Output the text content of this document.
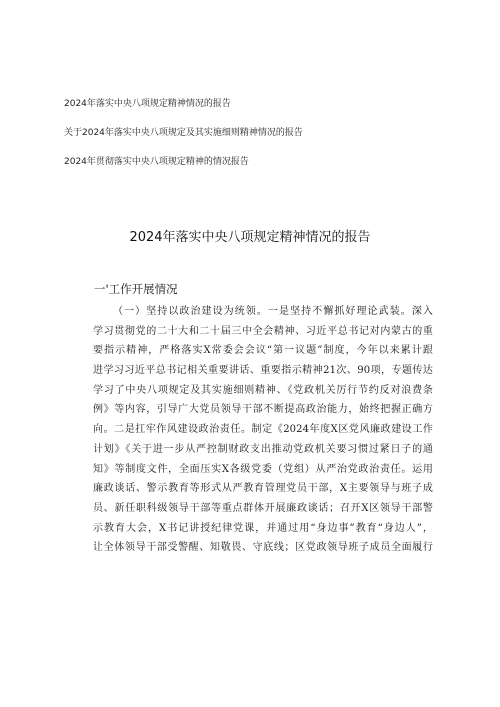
2024年落实中央八项规定精神情况的报告
关于2024年落实中央八项规定及其实施细则精神情况的报告
2024年贯彻落实中央八项规定精神的情况报告
2024年落实中央八项规定精神情况的报告
一'工作开展情况
（一）坚持以政治建设为统领。一是坚持不懈抓好理论武装。深入
学习贯彻党的二十大和二十届三中全会精神、习近平总书记对内蒙古的重
要指示精神，严格落实X常委会会议“第一议题”制度，今年以来累计跟
进学习习近平总书记相关重要讲话、重要指示精神21次、90项，专题传达
学习了中央八项规定及其实施细则精神、《党政机关厉行节约反对浪费条
例》等内容，引导广大党员领导干部不断提高政治能力，始终把握正确方
向。二是扛牢作风建设政治责任。制定《2024年度X区党风廉政建设工作
计划》《关于进一步从严控制财政支出推动党政机关要习惯过紧日子的通
知》等制度文件，全面压实X各级党委（党组）从严治党政治责任。运用
廉政谈话、警示教育等形式从严教育管理党员干部，X主要领导与班子成
员、新任职科级领导干部等重点群体开展廉政谈话；召开X区领导干部警
示教育大会，X书记讲授纪律党课，并通过用“身边事”教育“身边人”，
让全体领导干部受警醒、知敬畏、守底线；区党政领导班子成员全面履行
